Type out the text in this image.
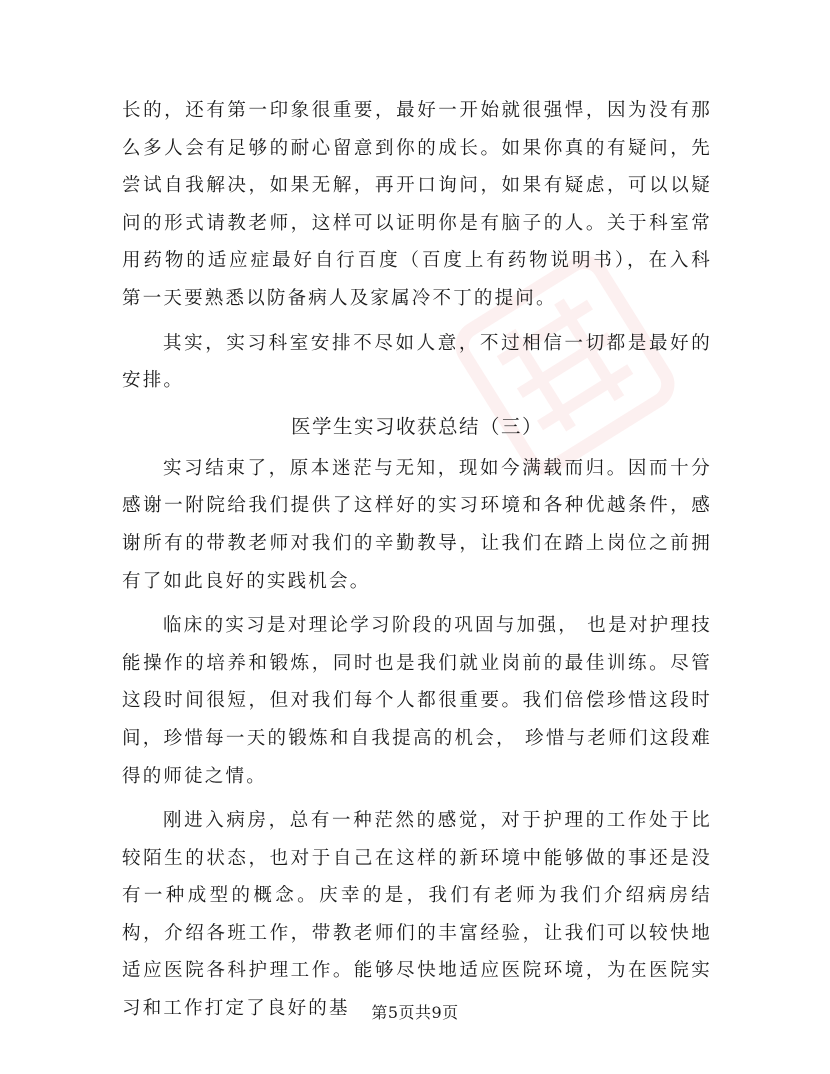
长的，还有第一印象很重要，最好一开始就很强悍，因为没有那么多人会有足够的耐心留意到你的成长。如果你真的有疑问，先尝试自我解决，如果无解，再开口询问，如果有疑虑，可以以疑问的形式请教老师，这样可以证明你是有脑子的人。关于科室常用药物的适应症最好自行百度（百度上有药物说明书），在入科第一天要熟悉以防备病人及家属冷不丁的提问。

其实，实习科室安排不尽如人意，不过相信一切都是最好的安排。

医学生实习收获总结（三）

实习结束了，原本迷茫与无知，现如今满载而归。因而十分感谢一附院给我们提供了这样好的实习环境和各种优越条件，感谢所有的带教老师对我们的辛勤教导，让我们在踏上岗位之前拥有了如此良好的实践机会。

临床的实习是对理论学习阶段的巩固与加强， 也是对护理技能操作的培养和锻炼，同时也是我们就业岗前的最佳训练。尽管这段时间很短，但对我们每个人都很重要。我们倍偿珍惜这段时间，珍惜每一天的锻炼和自我提高的机会， 珍惜与老师们这段难得的师徒之情。

刚进入病房，总有一种茫然的感觉，对于护理的工作处于比较陌生的状态，也对于自己在这样的新环境中能够做的事还是没有一种成型的概念。庆幸的是，我们有老师为我们介绍病房结构，介绍各班工作，带教老师们的丰富经验，让我们可以较快地适应医院各科护理工作。能够尽快地适应医院环境，为在医院实习和工作打定了良好的基	第5页共9页
